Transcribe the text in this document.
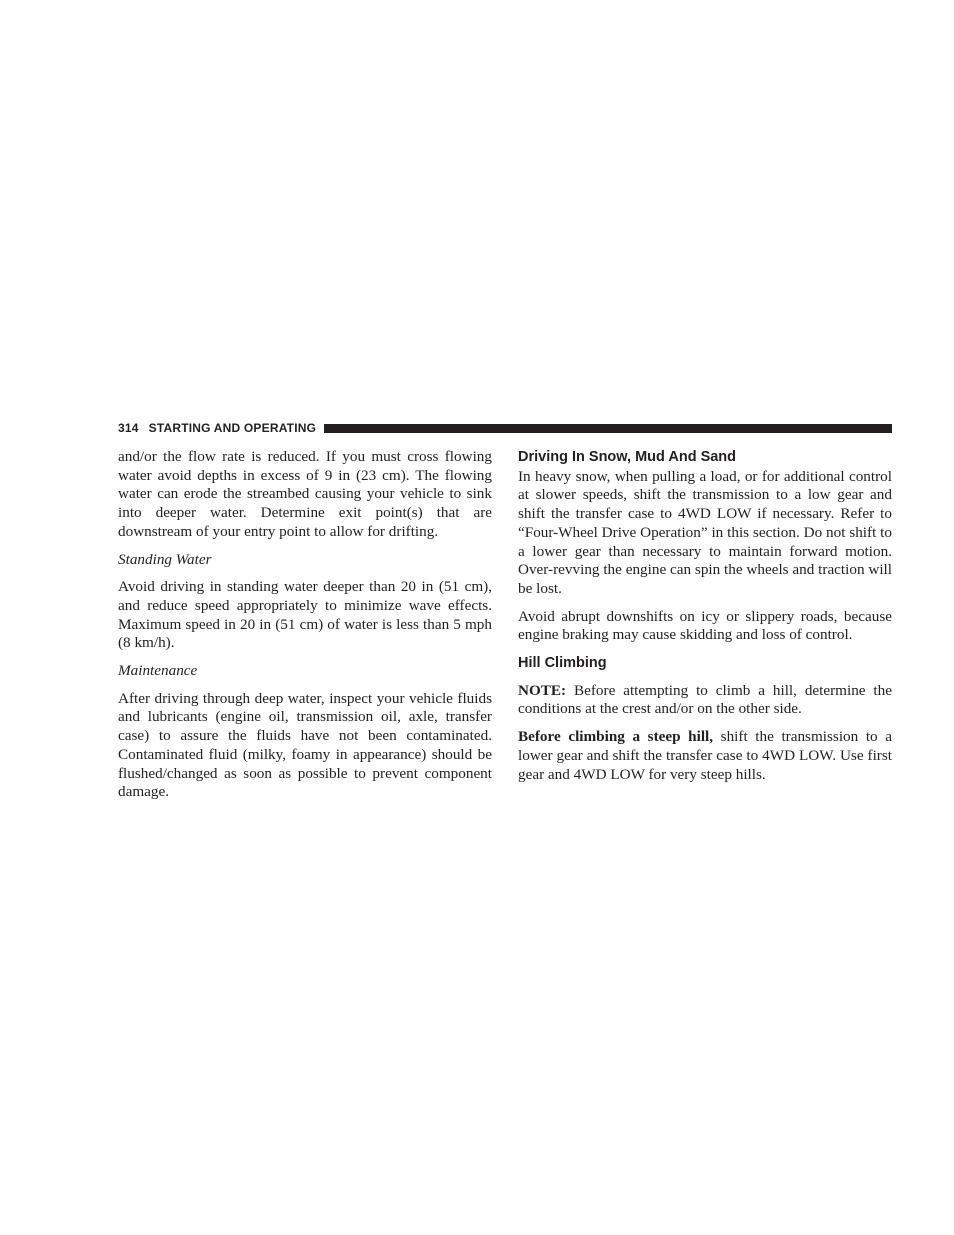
314 STARTING AND OPERATING

and/or the flow rate is reduced. If you must cross flowing water avoid depths in excess of 9 in (23 cm). The flowing water can erode the streambed causing your vehicle to sink into deeper water. Determine exit point(s) that are downstream of your entry point to allow for drifting.

Standing Water

Avoid driving in standing water deeper than 20 in (51 cm), and reduce speed appropriately to minimize wave effects. Maximum speed in 20 in (51 cm) of water is less than 5 mph (8 km/h).

Maintenance

After driving through deep water, inspect your vehicle fluids and lubricants (engine oil, transmission oil, axle, transfer case) to assure the fluids have not been contaminated. Contaminated fluid (milky, foamy in appearance) should be flushed/changed as soon as possible to prevent component damage.

Driving In Snow, Mud And Sand

In heavy snow, when pulling a load, or for additional control at slower speeds, shift the transmission to a low gear and shift the transfer case to 4WD LOW if necessary. Refer to “Four-Wheel Drive Operation” in this section. Do not shift to a lower gear than necessary to maintain forward motion. Over-revving the engine can spin the wheels and traction will be lost.

Avoid abrupt downshifts on icy or slippery roads, because engine braking may cause skidding and loss of control.

Hill Climbing

NOTE: Before attempting to climb a hill, determine the conditions at the crest and/or on the other side.

Before climbing a steep hill, shift the transmission to a lower gear and shift the transfer case to 4WD LOW. Use first gear and 4WD LOW for very steep hills.
